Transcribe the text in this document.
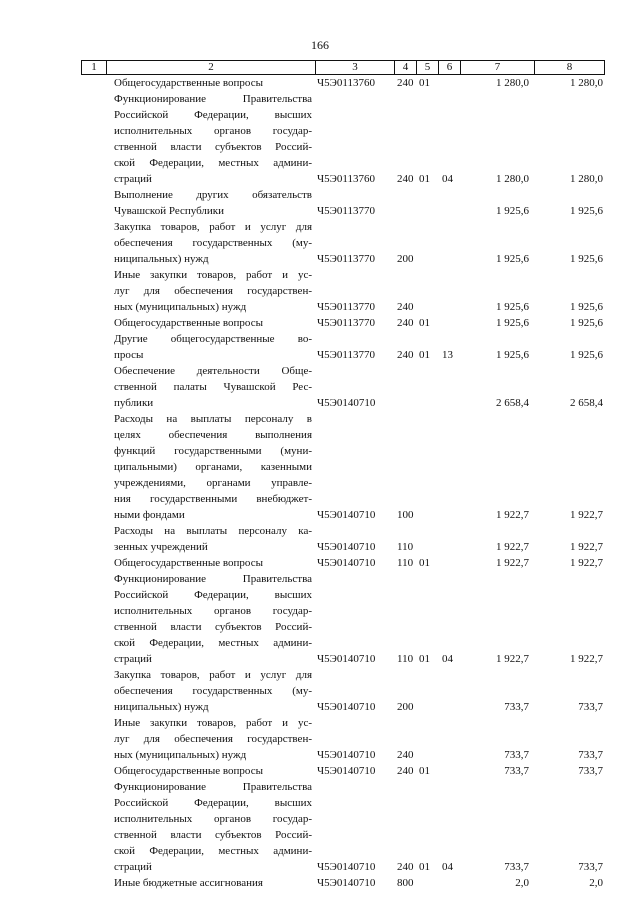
166
1	2	3	4	5	6	7	8
Общегосударственные вопросы	Ч5Э0113760 240 01	1 280,0	1 280,0
Функционирование Правительства
Российской Федерации, высших
исполнительных органов государ-
ственной власти субъектов Россий-
ской Федерации, местных админи-
страций	Ч5Э0113760 240 01 04	1 280,0	1 280,0
Выполнение других обязательств
Чувашской Республики	Ч5Э0113770	1 925,6	1 925,6
Закупка товаров, работ и услуг для
обеспечения государственных (му-
ниципальных) нужд	Ч5Э0113770 200	1 925,6	1 925,6
Иные закупки товаров, работ и ус-
луг для обеспечения государствен-
ных (муниципальных) нужд	Ч5Э0113770 240	1 925,6	1 925,6
Общегосударственные вопросы	Ч5Э0113770 240 01	1 925,6	1 925,6
Другие общегосударственные во-
просы	Ч5Э0113770 240 01 13	1 925,6	1 925,6
Обеспечение деятельности Обще-
ственной палаты Чувашской Рес-
публики	Ч5Э0140710	2 658,4	2 658,4
Расходы на выплаты персоналу в
целях обеспечения выполнения
функций государственными (муни-
ципальными) органами, казенными
учреждениями, органами управле-
ния государственными внебюджет-
ными фондами	Ч5Э0140710 100	1 922,7	1 922,7
Расходы на выплаты персоналу ка-
зенных учреждений	Ч5Э0140710 110	1 922,7	1 922,7
Общегосударственные вопросы	Ч5Э0140710 110 01	1 922,7	1 922,7
Функционирование Правительства
Российской Федерации, высших
исполнительных органов государ-
ственной власти субъектов Россий-
ской Федерации, местных админи-
страций	Ч5Э0140710 110 01 04	1 922,7	1 922,7
Закупка товаров, работ и услуг для
обеспечения государственных (му-
ниципальных) нужд	Ч5Э0140710 200	733,7	733,7
Иные закупки товаров, работ и ус-
луг для обеспечения государствен-
ных (муниципальных) нужд	Ч5Э0140710 240	733,7	733,7
Общегосударственные вопросы	Ч5Э0140710 240 01	733,7	733,7
Функционирование Правительства
Российской Федерации, высших
исполнительных органов государ-
ственной власти субъектов Россий-
ской Федерации, местных админи-
страций	Ч5Э0140710 240 01 04	733,7	733,7
Иные бюджетные ассигнования	Ч5Э0140710 800	2,0	2,0
